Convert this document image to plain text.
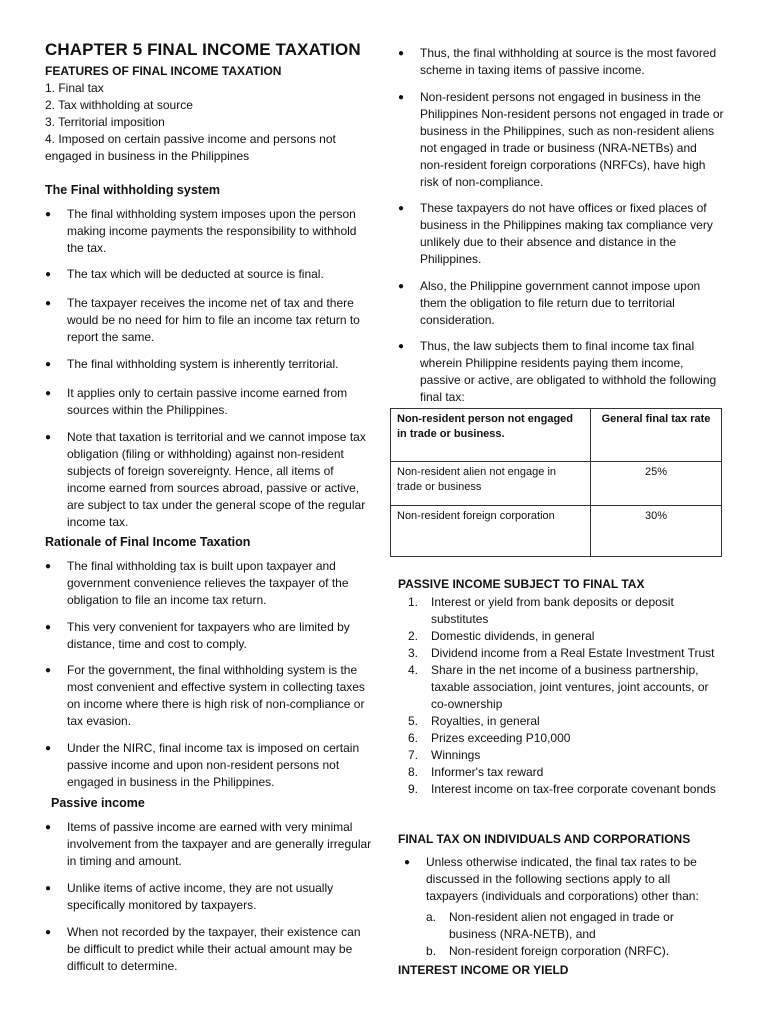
CHAPTER 5 FINAL INCOME TAXATION
FEATURES OF FINAL INCOME TAXATION
1. Final tax
2. Tax withholding at source
3. Territorial imposition
4. Imposed on certain passive income and persons not engaged in business in the Philippines
The Final withholding system
● The final withholding system imposes upon the person making income payments the responsibility to withhold the tax.
● The tax which will be deducted at source is final.
● The taxpayer receives the income net of tax and there would be no need for him to file an income tax return to report the same.
● The final withholding system is inherently territorial.
● It applies only to certain passive income earned from sources within the Philippines.
● Note that taxation is territorial and we cannot impose tax obligation (filing or withholding) against non-resident subjects of foreign sovereignty. Hence, all items of income earned from sources abroad, passive or active, are subject to tax under the general scope of the regular income tax.
Rationale of Final Income Taxation
● The final withholding tax is built upon taxpayer and government convenience relieves the taxpayer of the obligation to file an income tax return.
● This very convenient for taxpayers who are limited by distance, time and cost to comply.
● For the government, the final withholding system is the most convenient and effective system in collecting taxes on income where there is high risk of non-compliance or tax evasion.
● Under the NIRC, final income tax is imposed on certain passive income and upon non-resident persons not engaged in business in the Philippines.
Passive income
● Items of passive income are earned with very minimal involvement from the taxpayer and are generally irregular in timing and amount.
● Unlike items of active income, they are not usually specifically monitored by taxpayers.
● When not recorded by the taxpayer, their existence can be difficult to predict while their actual amount may be difficult to determine.
● Thus, the final withholding at source is the most favored scheme in taxing items of passive income.
● Non-resident persons not engaged in business in the Philippines Non-resident persons not engaged in trade or business in the Philippines, such as non-resident aliens not engaged in trade or business (NRA-NETBs) and non-resident foreign corporations (NRFCs), have high risk of non-compliance.
● These taxpayers do not have offices or fixed places of business in the Philippines making tax compliance very unlikely due to their absence and distance in the Philippines.
● Also, the Philippine government cannot impose upon them the obligation to file return due to territorial consideration.
● Thus, the law subjects them to final income tax final wherein Philippine residents paying them income, passive or active, are obligated to withhold the following final tax:
Non-resident person not engaged in trade or business.	General final tax rate
Non-resident alien not engage in trade or business	25%
Non-resident foreign corporation	30%
PASSIVE INCOME SUBJECT TO FINAL TAX
1. Interest or yield from bank deposits or deposit substitutes
2. Domestic dividends, in general
3. Dividend income from a Real Estate Investment Trust
4. Share in the net income of a business partnership, taxable association, joint ventures, joint accounts, or co-ownership
5. Royalties, in general
6. Prizes exceeding P10,000
7. Winnings
8. Informer's tax reward
9. Interest income on tax-free corporate covenant bonds
FINAL TAX ON INDIVIDUALS AND CORPORATIONS
● Unless otherwise indicated, the final tax rates to be discussed in the following sections apply to all taxpayers (individuals and corporations) other than:
a. Non-resident alien not engaged in trade or business (NRA-NETB), and
b. Non-resident foreign corporation (NRFC).
INTEREST INCOME OR YIELD
